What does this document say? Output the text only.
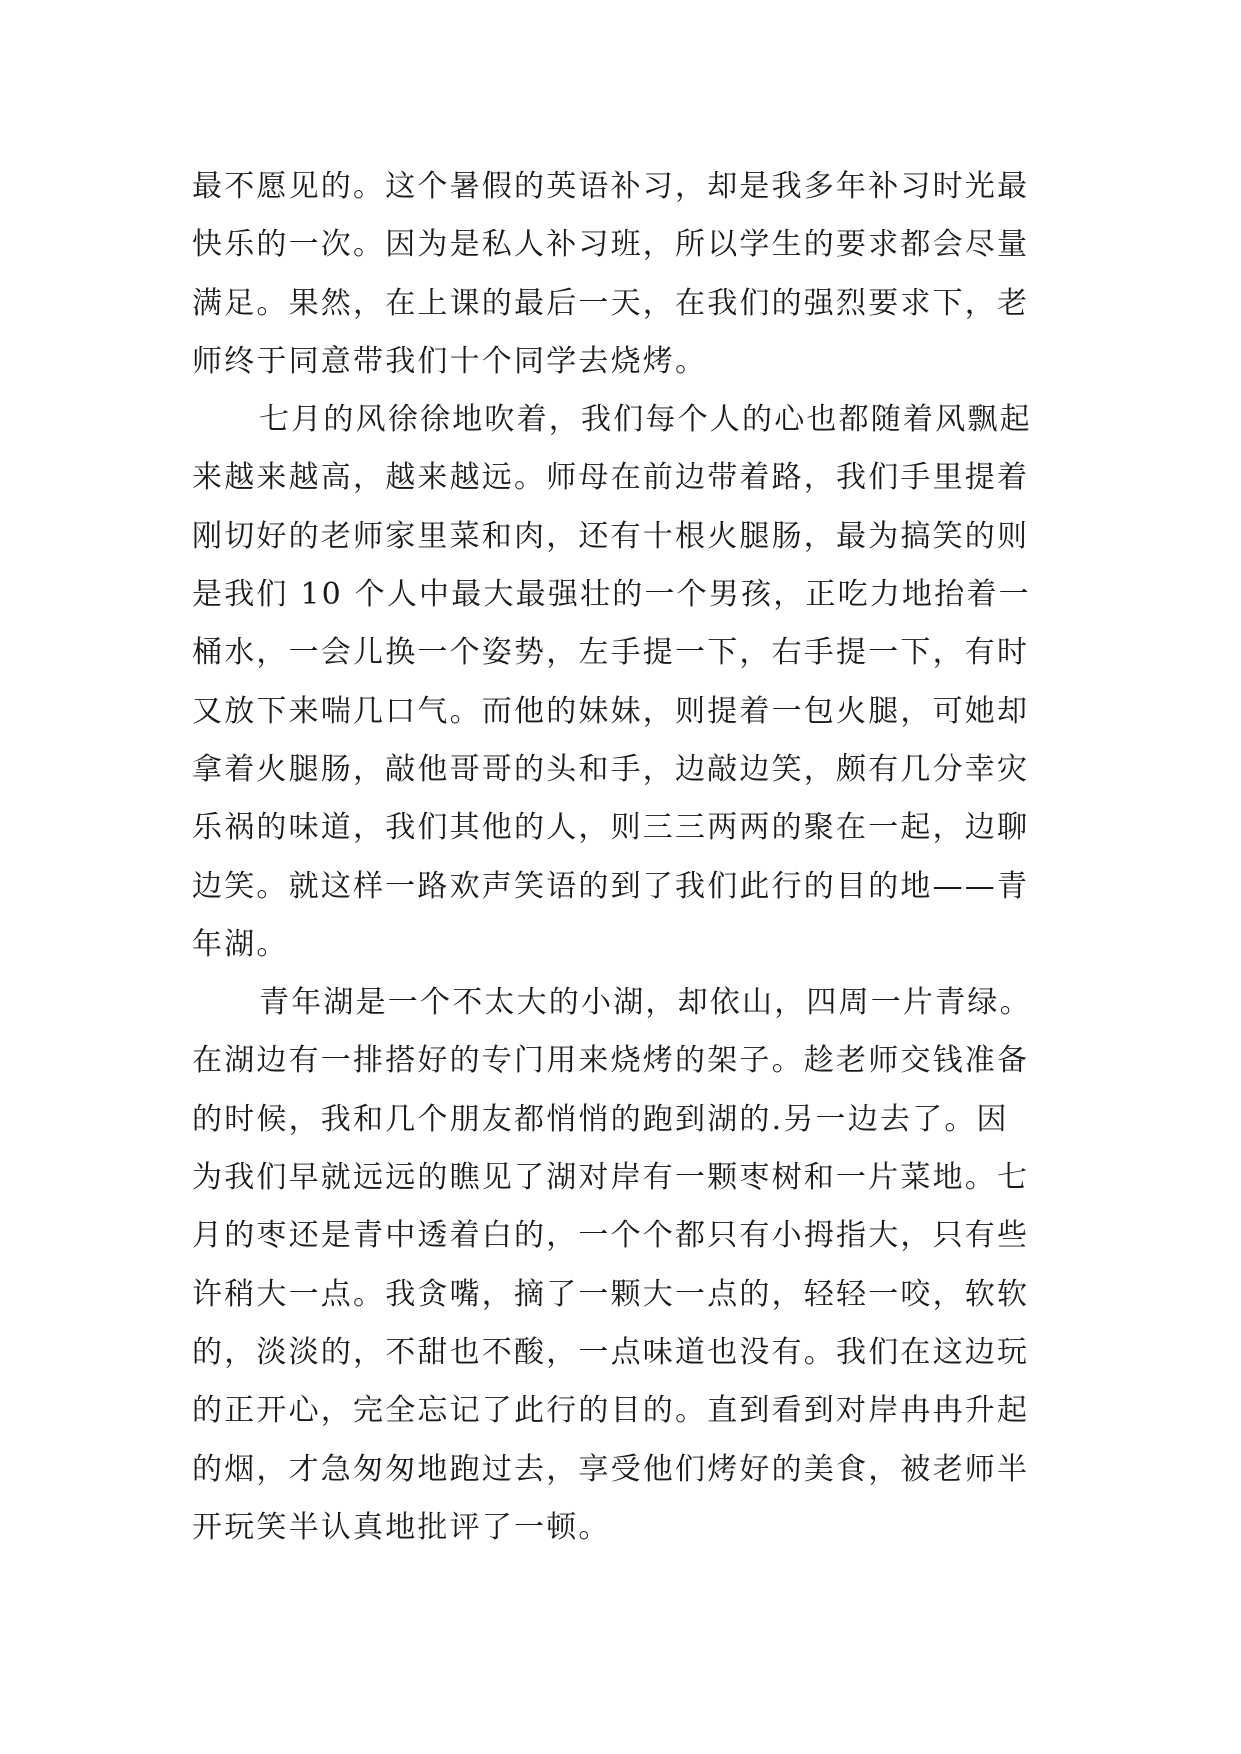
最不愿见的。这个暑假的英语补习，却是我多年补习时光最
快乐的一次。因为是私人补习班，所以学生的要求都会尽量
满足。果然，在上课的最后一天，在我们的强烈要求下，老
师终于同意带我们十个同学去烧烤。
七月的风徐徐地吹着，我们每个人的心也都随着风飘起
来越来越高，越来越远。师母在前边带着路，我们手里提着
刚切好的老师家里菜和肉，还有十根火腿肠，最为搞笑的则
是我们 10 个人中最大最强壮的一个男孩，正吃力地抬着一
桶水，一会儿换一个姿势，左手提一下，右手提一下，有时
又放下来喘几口气。而他的妹妹，则提着一包火腿，可她却
拿着火腿肠，敲他哥哥的头和手，边敲边笑，颇有几分幸灾
乐祸的味道，我们其他的人，则三三两两的聚在一起，边聊
边笑。就这样一路欢声笑语的到了我们此行的目的地——青
年湖。
青年湖是一个不太大的小湖，却依山，四周一片青绿。
在湖边有一排搭好的专门用来烧烤的架子。趁老师交钱准备
的时候，我和几个朋友都悄悄的跑到湖的.另一边去了。因
为我们早就远远的瞧见了湖对岸有一颗枣树和一片菜地。七
月的枣还是青中透着白的，一个个都只有小拇指大，只有些
许稍大一点。我贪嘴，摘了一颗大一点的，轻轻一咬，软软
的，淡淡的，不甜也不酸，一点味道也没有。我们在这边玩
的正开心，完全忘记了此行的目的。直到看到对岸冉冉升起
的烟，才急匆匆地跑过去，享受他们烤好的美食，被老师半
开玩笑半认真地批评了一顿。
